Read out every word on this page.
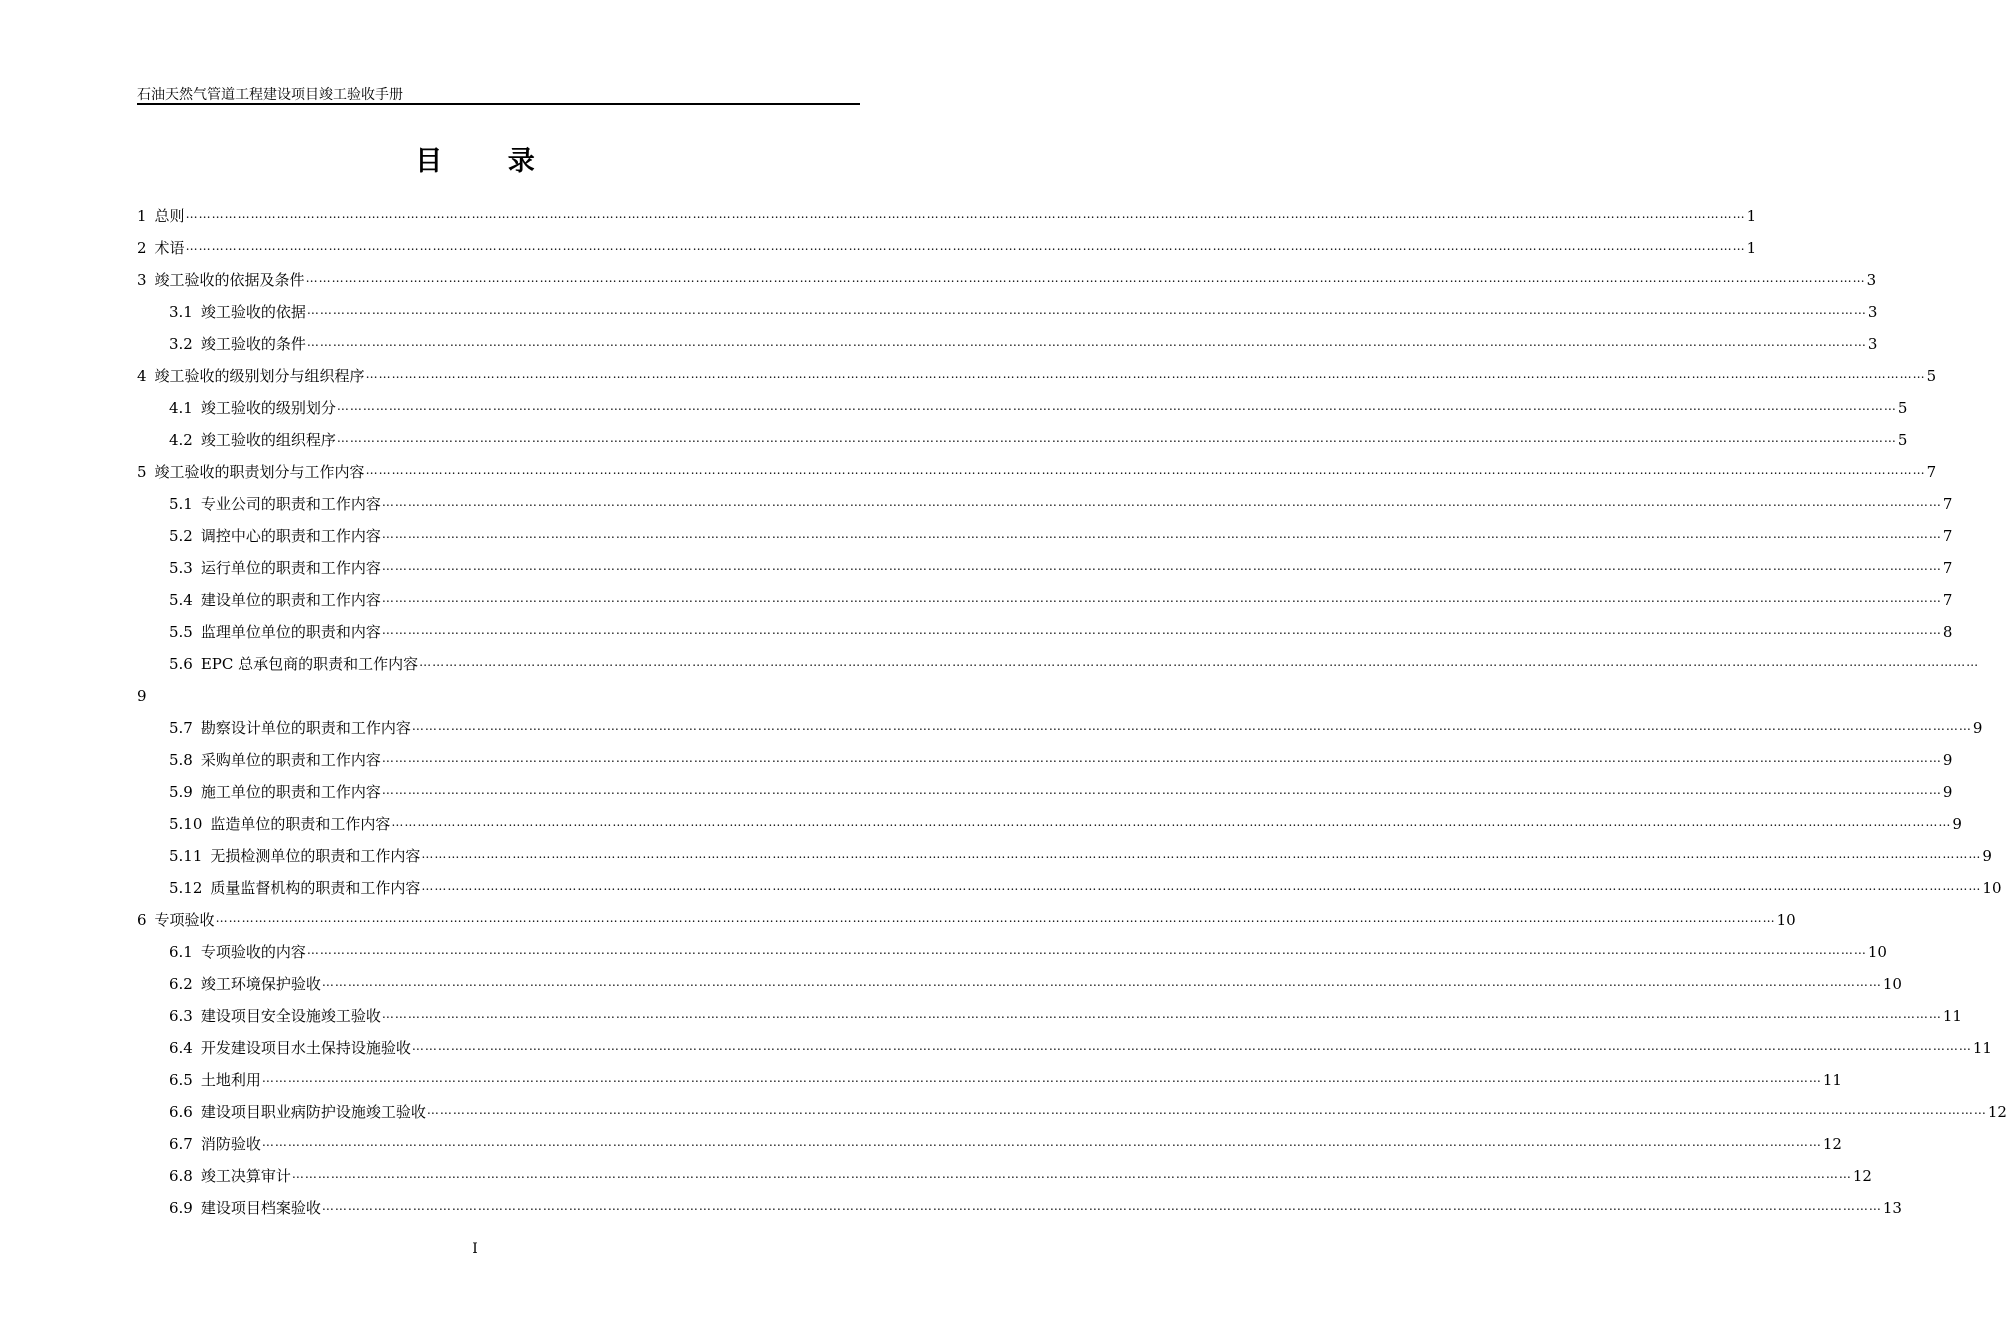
石油天然气管道工程建设项目竣工验收手册
目 录
1 总则 ……………………………………………………………………………………………………………………………………………………………………………………………………………………………………………………………………………………………………………………………… 1
2 术语 ……………………………………………………………………………………………………………………………………………………………………………………………………………………………………………………………………………………………………………………………… 1
3 竣工验收的依据及条件 ……………………………………………………………………………………………………………………………………………………………………………………………………………………………………………………………………………………………………………………………… 3
3.1 竣工验收的依据 ……………………………………………………………………………………………………………………………………………………………………………………………………………………………………………………………………………………………………………………………… 3
3.2 竣工验收的条件 ……………………………………………………………………………………………………………………………………………………………………………………………………………………………………………………………………………………………………………………………… 3
4 竣工验收的级别划分与组织程序 ……………………………………………………………………………………………………………………………………………………………………………………………………………………………………………………………………………………………………………………………… 5
4.1 竣工验收的级别划分 ……………………………………………………………………………………………………………………………………………………………………………………………………………………………………………………………………………………………………………………………… 5
4.2 竣工验收的组织程序 ……………………………………………………………………………………………………………………………………………………………………………………………………………………………………………………………………………………………………………………………… 5
5 竣工验收的职责划分与工作内容 ……………………………………………………………………………………………………………………………………………………………………………………………………………………………………………………………………………………………………………………………… 7
5.1 专业公司的职责和工作内容 ……………………………………………………………………………………………………………………………………………………………………………………………………………………………………………………………………………………………………………………………… 7
5.2 调控中心的职责和工作内容 ……………………………………………………………………………………………………………………………………………………………………………………………………………………………………………………………………………………………………………………………… 7
5.3 运行单位的职责和工作内容 ……………………………………………………………………………………………………………………………………………………………………………………………………………………………………………………………………………………………………………………………… 7
5.4 建设单位的职责和工作内容 ……………………………………………………………………………………………………………………………………………………………………………………………………………………………………………………………………………………………………………………………… 7
5.5 监理单位单位的职责和内容 ……………………………………………………………………………………………………………………………………………………………………………………………………………………………………………………………………………………………………………………………… 8
5.6 EPC 总承包商的职责和工作内容 ………………………………………………………………………………………………………………………………………………………………………………………………………………………………………………………………………………………………………………………………
9
5.7 勘察设计单位的职责和工作内容 ……………………………………………………………………………………………………………………………………………………………………………………………………………………………………………………………………………………………………………………………… 9
5.8 采购单位的职责和工作内容 ……………………………………………………………………………………………………………………………………………………………………………………………………………………………………………………………………………………………………………………………… 9
5.9 施工单位的职责和工作内容 ……………………………………………………………………………………………………………………………………………………………………………………………………………………………………………………………………………………………………………………………… 9
5.10 监造单位的职责和工作内容 ……………………………………………………………………………………………………………………………………………………………………………………………………………………………………………………………………………………………………………………………… 9
5.11 无损检测单位的职责和工作内容 ……………………………………………………………………………………………………………………………………………………………………………………………………………………………………………………………………………………………………………………………… 9
5.12 质量监督机构的职责和工作内容 ……………………………………………………………………………………………………………………………………………………………………………………………………………………………………………………………………………………………………………………………… 10
6 专项验收 ……………………………………………………………………………………………………………………………………………………………………………………………………………………………………………………………………………………………………………………………… 10
6.1 专项验收的内容 ……………………………………………………………………………………………………………………………………………………………………………………………………………………………………………………………………………………………………………………………… 10
6.2 竣工环境保护验收 ……………………………………………………………………………………………………………………………………………………………………………………………………………………………………………………………………………………………………………………………… 10
6.3 建设项目安全设施竣工验收 ……………………………………………………………………………………………………………………………………………………………………………………………………………………………………………………………………………………………………………………………… 11
6.4 开发建设项目水土保持设施验收 ……………………………………………………………………………………………………………………………………………………………………………………………………………………………………………………………………………………………………………………………… 11
6.5 土地利用 ……………………………………………………………………………………………………………………………………………………………………………………………………………………………………………………………………………………………………………………………… 11
6.6 建设项目职业病防护设施竣工验收 ……………………………………………………………………………………………………………………………………………………………………………………………………………………………………………………………………………………………………………………………… 12
6.7 消防验收 ……………………………………………………………………………………………………………………………………………………………………………………………………………………………………………………………………………………………………………………………… 12
6.8 竣工决算审计 ……………………………………………………………………………………………………………………………………………………………………………………………………………………………………………………………………………………………………………………………… 12
6.9 建设项目档案验收 ……………………………………………………………………………………………………………………………………………………………………………………………………………………………………………………………………………………………………………………………… 13
I
